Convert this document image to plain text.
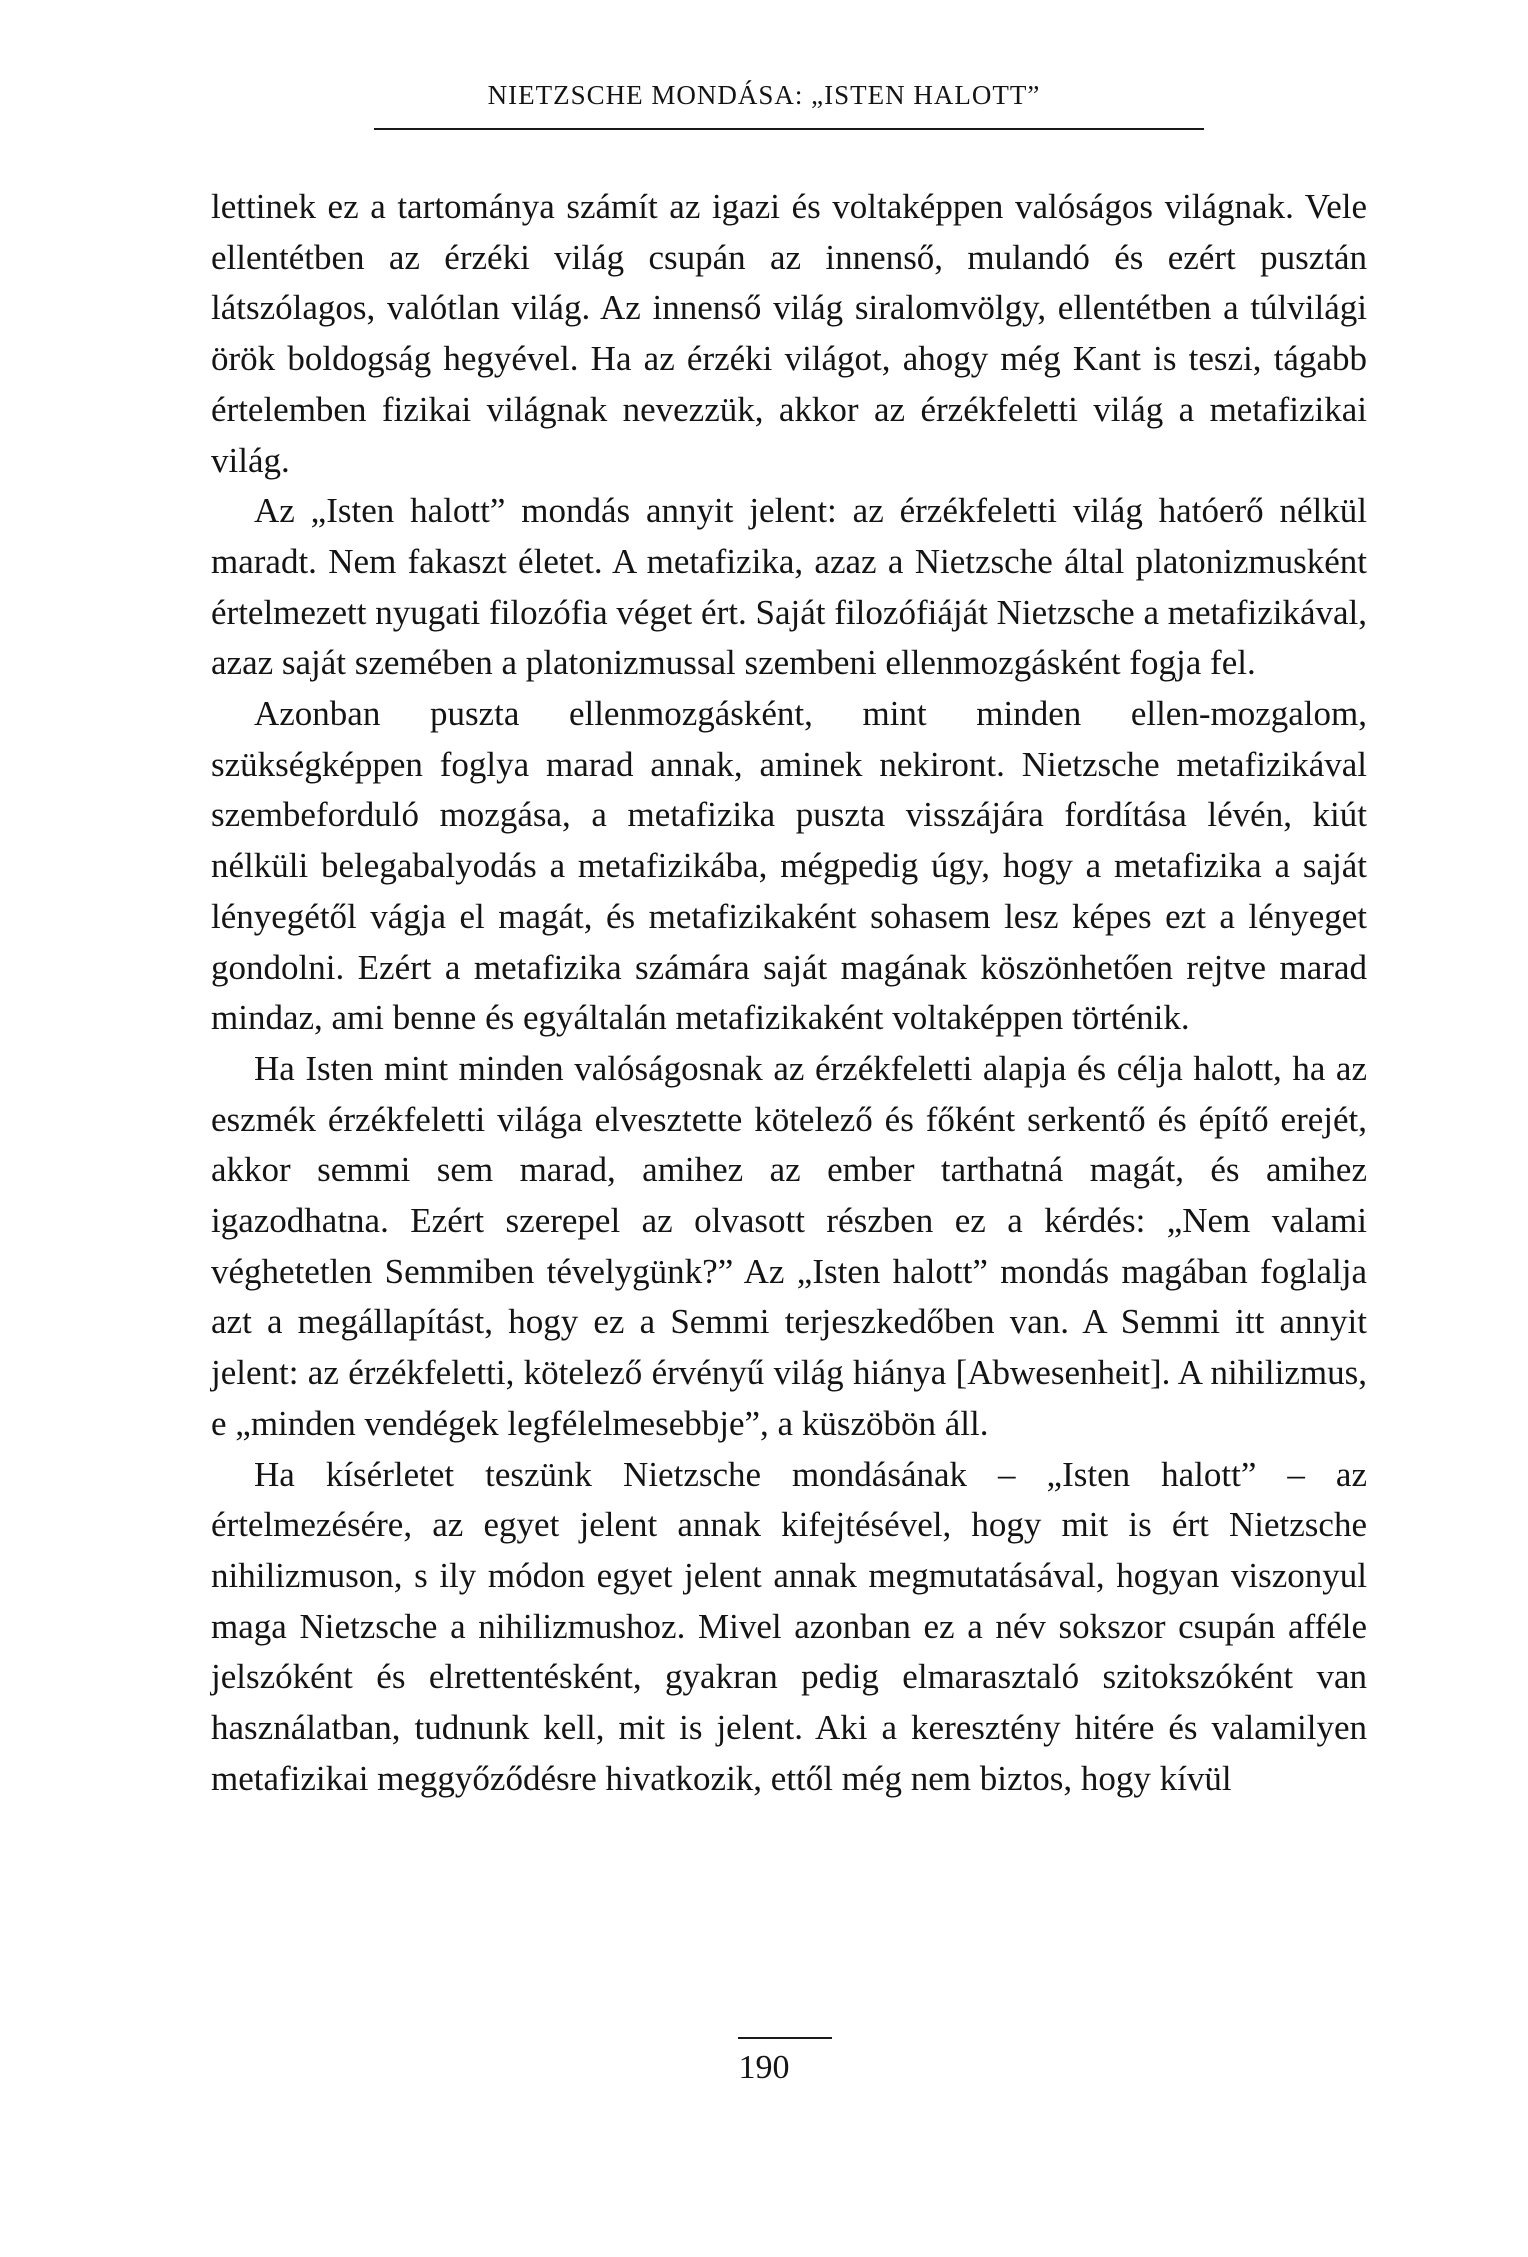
NIETZSCHE MONDÁSA: „ISTEN HALOTT”

lettinek ez a tartománya számít az igazi és voltaképpen valóságos világnak. Vele ellentétben az érzéki világ csupán az innenső, mulandó és ezért pusztán látszólagos, valótlan világ. Az innenső világ siralomvölgy, ellentétben a túlvilági örök boldogság hegyével. Ha az érzéki világot, ahogy még Kant is teszi, tágabb értelemben fizikai világnak nevezzük, akkor az érzékfeletti világ a metafizikai világ.

Az „Isten halott” mondás annyit jelent: az érzékfeletti világ hatóerő nélkül maradt. Nem fakaszt életet. A metafizika, azaz a Nietzsche által platonizmusként értelmezett nyugati filozófia véget ért. Saját filozófiáját Nietzsche a metafizikával, azaz saját szemében a platonizmussal szembeni ellenmozgásként fogja fel.

Azonban puszta ellenmozgásként, mint minden ellen-mozgalom, szükségképpen foglya marad annak, aminek nekiront. Nietzsche metafizikával szembeforduló mozgása, a metafizika puszta visszájára fordítása lévén, kiút nélküli belegabalyodás a metafizikába, mégpedig úgy, hogy a metafizika a saját lényegétől vágja el magát, és metafizikaként sohasem lesz képes ezt a lényeget gondolni. Ezért a metafizika számára saját magának köszönhetően rejtve marad mindaz, ami benne és egyáltalán metafizikaként voltaképpen történik.

Ha Isten mint minden valóságosnak az érzékfeletti alapja és célja halott, ha az eszmék érzékfeletti világa elvesztette kötelező és főként serkentő és építő erejét, akkor semmi sem marad, amihez az ember tarthatná magát, és amihez igazodhatna. Ezért szerepel az olvasott részben ez a kérdés: „Nem valami véghetetlen Semmiben tévelygünk?” Az „Isten halott” mondás magában foglalja azt a megállapítást, hogy ez a Semmi terjeszkedőben van. A Semmi itt annyit jelent: az érzékfeletti, kötelező érvényű világ hiánya [Abwesenheit]. A nihilizmus, e „minden vendégek legfélelmesebbje”, a küszöbön áll.

Ha kísérletet teszünk Nietzsche mondásának – „Isten halott” – az értelmezésére, az egyet jelent annak kifejtésével, hogy mit is ért Nietzsche nihilizmuson, s ily módon egyet jelent annak megmutatásával, hogyan viszonyul maga Nietzsche a nihilizmushoz. Mivel azonban ez a név sokszor csupán afféle jelszóként és elrettentésként, gyakran pedig elmarasztaló szitokszóként van használatban, tudnunk kell, mit is jelent. Aki a keresztény hitére és valamilyen metafizikai meggyőződésre hivatkozik, ettől még nem biztos, hogy kívül

190
